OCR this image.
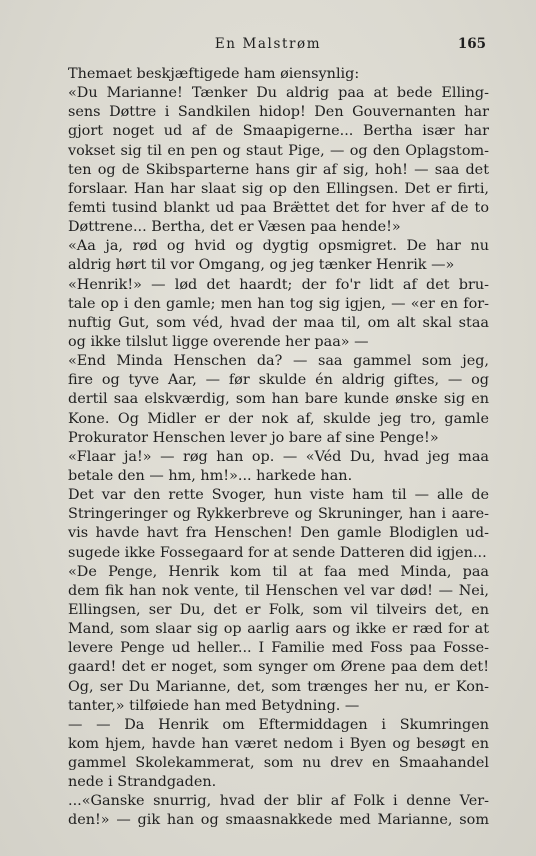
En Malstrøm	165
Themaet beskjæftigede ham øiensynlig:
«Du Marianne! Tænker Du aldrig paa at bede Elling-
sens Døttre i Sandkilen hidop! Den Gouvernanten har
gjort noget ud af de Smaapigerne... Bertha især har
vokset sig til en pen og staut Pige, — og den Oplagstom-
ten og de Skibsparterne hans gir af sig, hoh! — saa det
forslaar. Han har slaat sig op den Ellingsen. Det er firti,
femti tusind blankt ud paa Bræ̈ttet det for hver af de to
Døttrene... Bertha, det er Væsen paa hende!»
«Aa ja, rød og hvid og dygtig opsmigret. De har nu
aldrig hørt til vor Omgang, og jeg tænker Henrik —»
«Henrik!» — lød det haardt; der fo'r lidt af det bru-
tale op i den gamle; men han tog sig igjen, — «er en for-
nuftig Gut, som véd, hvad der maa til, om alt skal staa
og ikke tilslut ligge overende her paa» —
«End Minda Henschen da? — saa gammel som jeg,
fire og tyve Aar, — før skulde én aldrig giftes, — og
dertil saa elskværdig, som han bare kunde ønske sig en
Kone. Og Midler er der nok af, skulde jeg tro, gamle
Prokurator Henschen lever jo bare af sine Penge!»
«Flaar ja!» — røg han op. — «Véd Du, hvad jeg maa
betale den — hm, hm!»... harkede han.
Det var den rette Svoger, hun viste ham til — alle de
Stringeringer og Rykkerbreve og Skruninger, han i aare-
vis havde havt fra Henschen! Den gamle Blodiglen ud-
sugede ikke Fossegaard for at sende Datteren did igjen...
«De Penge, Henrik kom til at faa med Minda, paa
dem fik han nok vente, til Henschen vel var død! — Nei,
Ellingsen, ser Du, det er Folk, som vil tilveirs det, en
Mand, som slaar sig op aarlig aars og ikke er ræd for at
levere Penge ud heller... I Familie med Foss paa Fosse-
gaard! det er noget, som synger om Ørene paa dem det!
Og, ser Du Marianne, det, som trænges her nu, er Kon-
tanter,» tilføiede han med Betydning. —
— — Da Henrik om Eftermiddagen i Skumringen
kom hjem, havde han været nedom i Byen og besøgt en
gammel Skolekammerat, som nu drev en Smaahandel
nede i Strandgaden.
...«Ganske snurrig, hvad der blir af Folk i denne Ver-
den!» — gik han og smaasnakkede med Marianne, som
